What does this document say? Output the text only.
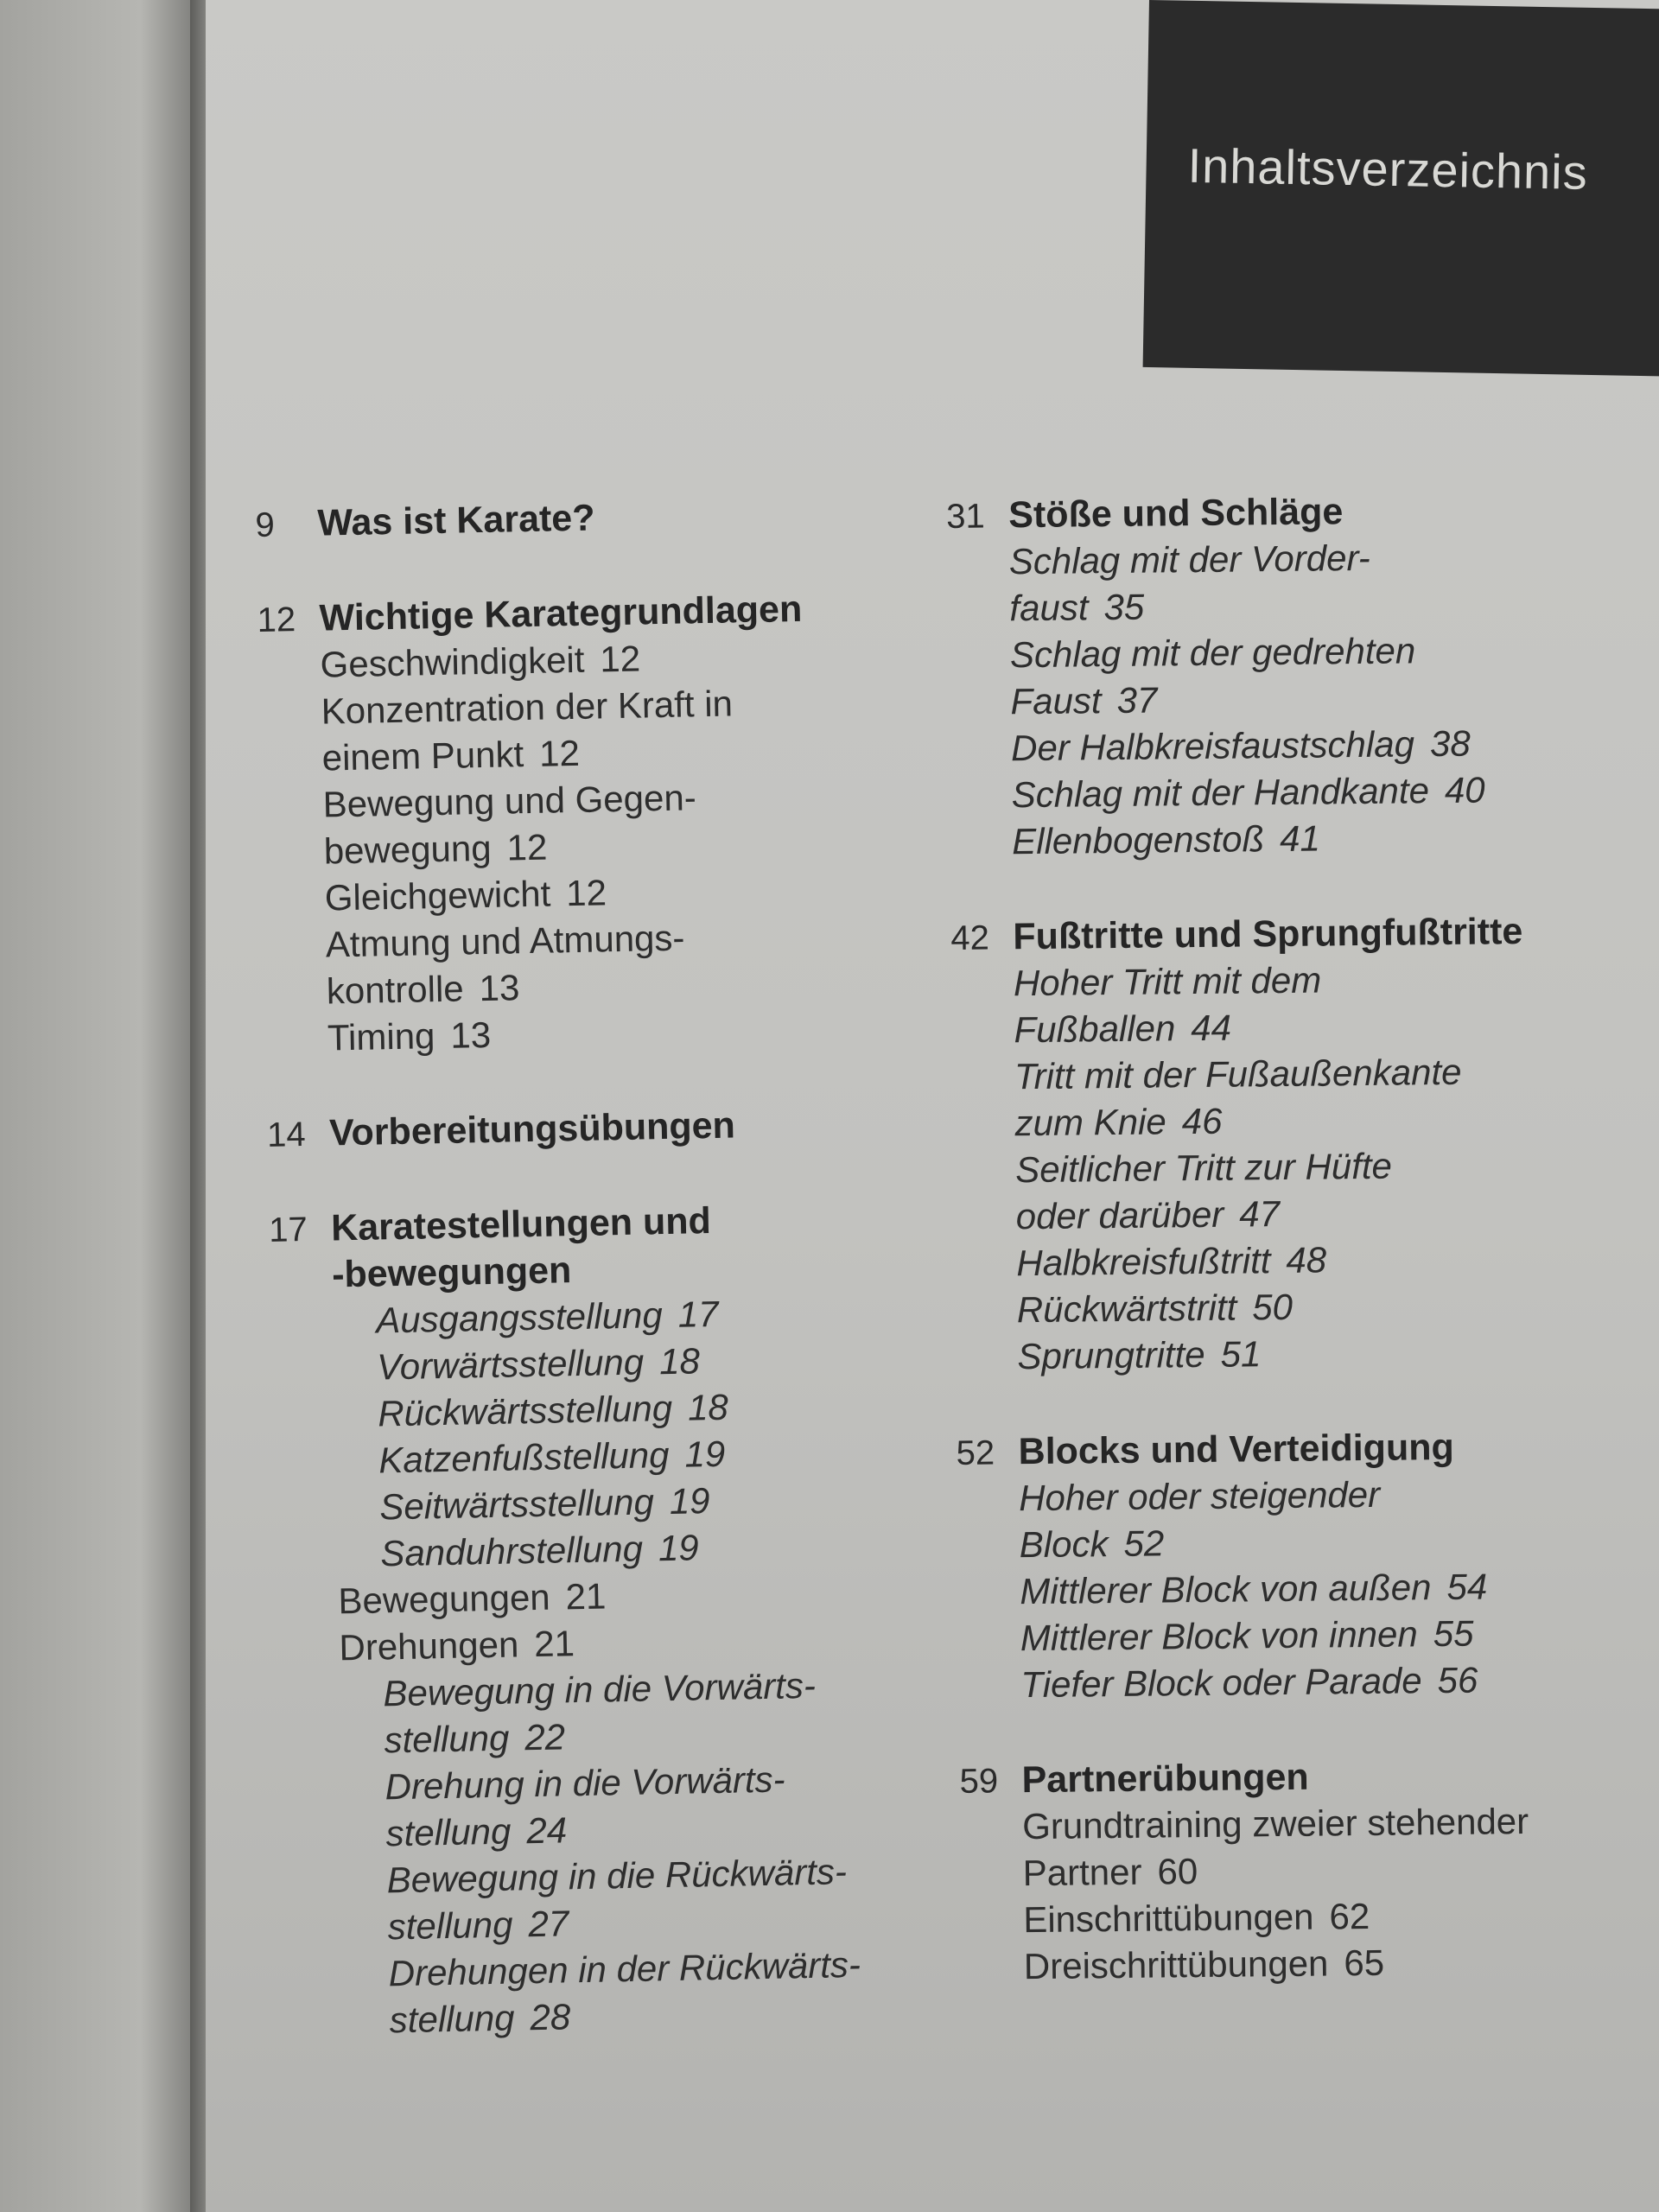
Inhaltsverzeichnis
9	Was ist Karate?
12 Wichtige Karategrundlagen
Geschwindigkeit 12
Konzentration der Kraft in
einem Punkt 12
Bewegung und Gegen-
bewegung 12
Gleichgewicht 12
Atmung und Atmungs-
kontrolle 13
Timing 13
14 Vorbereitungsübungen
17 Karatestellungen und
-bewegungen
Ausgangsstellung 17
Vorwärtsstellung 18
Rückwärtsstellung 18
Katzenfußstellung 19
Seitwärtsstellung 19
Sanduhrstellung 19
Bewegungen 21
Drehungen 21
Bewegung in die Vorwärts-
stellung 22
Drehung in die Vorwärts-
stellung 24
Bewegung in die Rückwärts-
stellung 27
Drehungen in der Rückwärts-
stellung 28
31 Stöße und Schläge
Schlag mit der Vorder-
faust 35
Schlag mit der gedrehten
Faust 37
Der Halbkreisfaustschlag 38
Schlag mit der Handkante 40
Ellenbogenstoß 41
42 Fußtritte und Sprungfußtritte
Hoher Tritt mit dem
Fußballen 44
Tritt mit der Fußaußenkante
zum Knie 46
Seitlicher Tritt zur Hüfte
oder darüber 47
Halbkreisfußtritt 48
Rückwärtstritt 50
Sprungtritte 51
52 Blocks und Verteidigung
Hoher oder steigender
Block 52
Mittlerer Block von außen 54
Mittlerer Block von innen 55
Tiefer Block oder Parade 56
59 Partnerübungen
Grundtraining zweier stehender
Partner 60
Einschrittübungen 62
Dreischrittübungen 65
